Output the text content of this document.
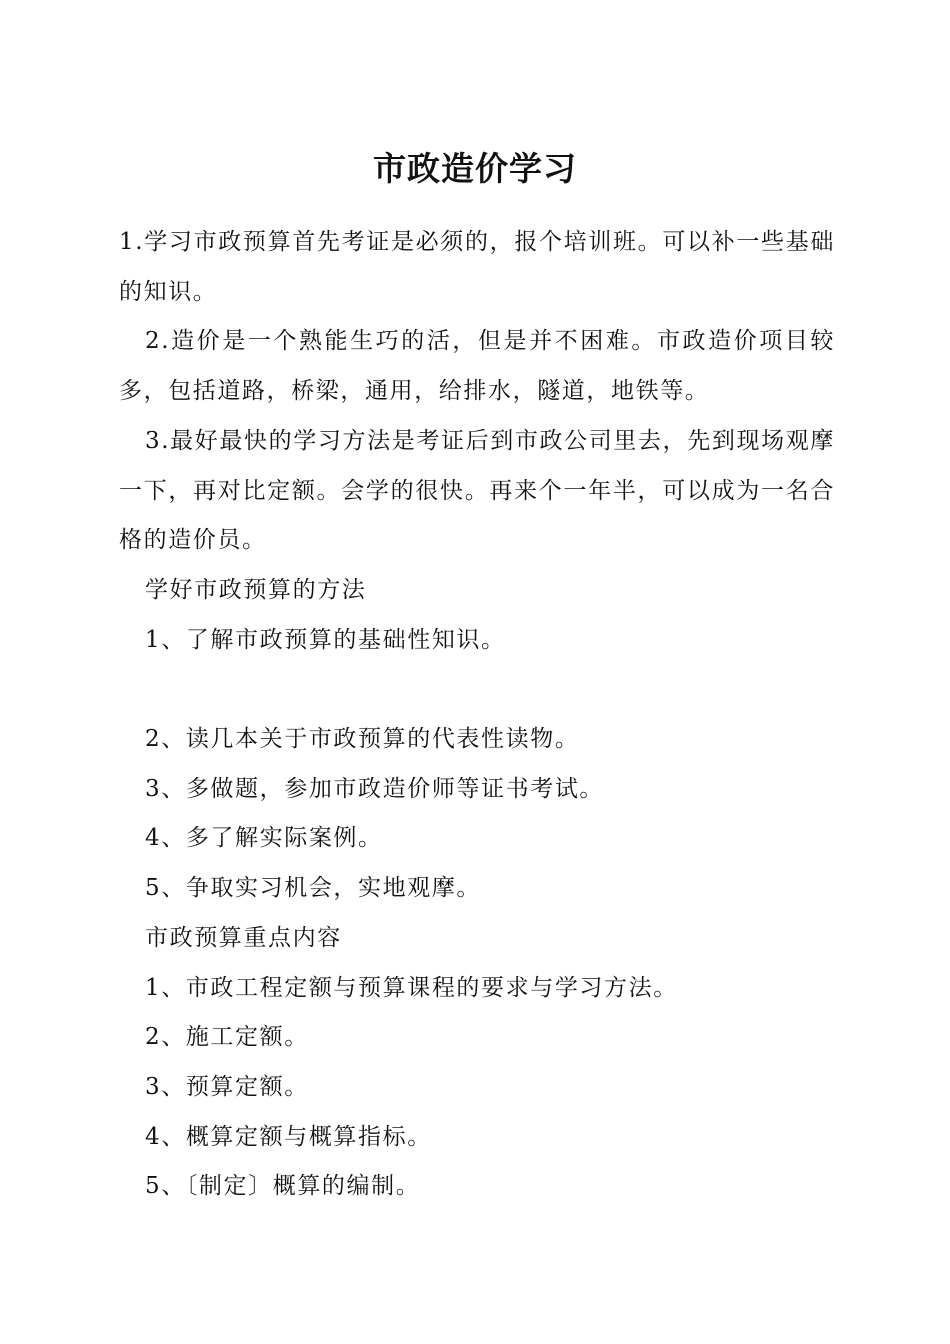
市政造价学习

1.学习市政预算首先考证是必须的，报个培训班。可以补一些基础的知识。

2.造价是一个熟能生巧的活，但是并不困难。市政造价项目较多，包括道路，桥梁，通用，给排水，隧道，地铁等。

3.最好最快的学习方法是考证后到市政公司里去，先到现场观摩一下，再对比定额。会学的很快。再来个一年半，可以成为一名合格的造价员。

学好市政预算的方法

1、了解市政预算的基础性知识。

2、读几本关于市政预算的代表性读物。

3、多做题，参加市政造价师等证书考试。

4、多了解实际案例。

5、争取实习机会，实地观摩。

市政预算重点内容

1、市政工程定额与预算课程的要求与学习方法。

2、施工定额。

3、预算定额。

4、概算定额与概算指标。

5、〔制定〕概算的编制。
